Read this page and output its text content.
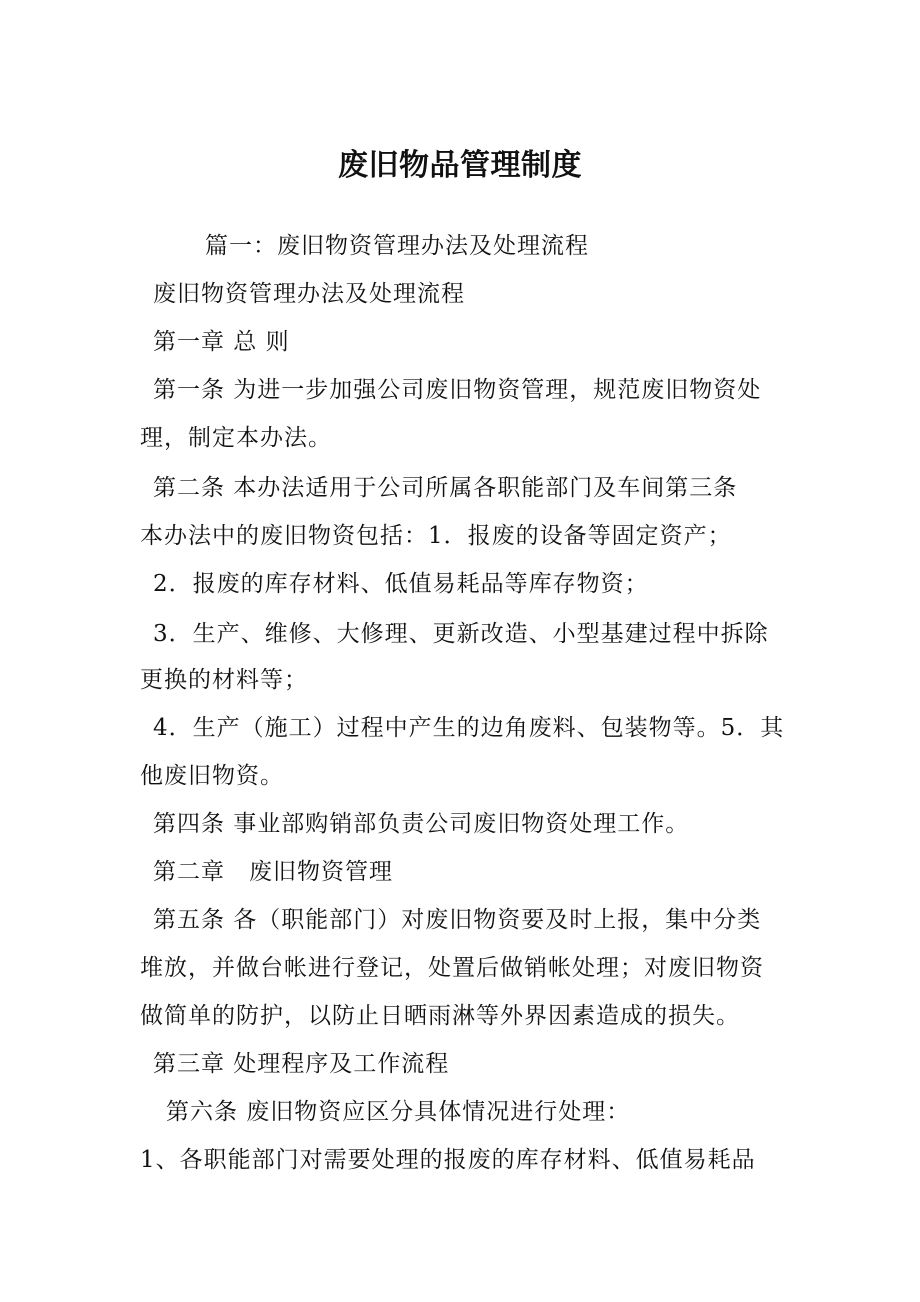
废旧物品管理制度
篇一：废旧物资管理办法及处理流程
废旧物资管理办法及处理流程
第一章 总 则
第一条 为进一步加强公司废旧物资管理，规范废旧物资处
理，制定本办法。
第二条 本办法适用于公司所属各职能部门及车间第三条
本办法中的废旧物资包括：1．报废的设备等固定资产；
2．报废的库存材料、低值易耗品等库存物资；
3．生产、维修、大修理、更新改造、小型基建过程中拆除
更换的材料等；
4．生产（施工）过程中产生的边角废料、包装物等。5．其
他废旧物资。
第四条 事业部购销部负责公司废旧物资处理工作。
第二章　废旧物资管理
第五条 各（职能部门）对废旧物资要及时上报，集中分类
堆放，并做台帐进行登记，处置后做销帐处理；对废旧物资
做简单的防护，以防止日晒雨淋等外界因素造成的损失。
第三章 处理程序及工作流程
第六条 废旧物资应区分具体情况进行处理：
1、各职能部门对需要处理的报废的库存材料、低值易耗品
